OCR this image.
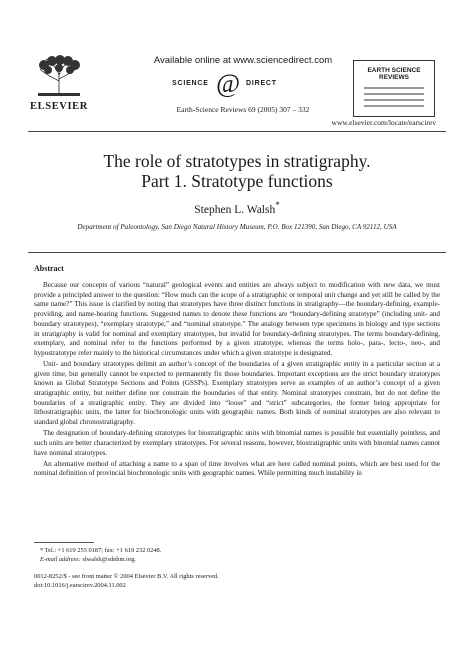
ELSEVIER
Available online at www.sciencedirect.com
SCIENCE @ DIRECT
Earth-Science Reviews 69 (2005) 307 – 332
EARTH SCIENCE
REVIEWS
www.elsevier.com/locate/earscirev
The role of stratotypes in stratigraphy.
Part 1. Stratotype functions
Stephen L. Walsh*
Department of Paleontology, San Diego Natural History Museum, P.O. Box 121390, San Diego, CA 92112, USA
Abstract

Because our concepts of various “natural” geological events and entities are always subject to modification with new data, we must provide a principled answer to the question: “How much can the scope of a stratigraphic or temporal unit change and yet still be called by the same name?” This issue is clarified by noting that stratotypes have three distinct functions in stratigraphy—the boundary-defining, example-providing, and name-bearing functions. Suggested names to denote these functions are “boundary-defining stratotype” (including unit- and boundary stratotypes), “exemplary stratotype,” and “nominal stratotype.” The analogy between type specimens in biology and type sections in stratigraphy is valid for nominal and exemplary stratotypes, but invalid for boundary-defining stratotypes. The terms boundary-defining, exemplary, and nominal refer to the functions performed by a given stratotype, whereas the terms holo-, para-, lecto-, neo-, and hypostratotype refer mainly to the historical circumstances under which a given stratotype is designated.

Unit- and boundary stratotypes delimit an author’s concept of the boundaries of a given stratigraphic entity in a particular section at a given time, but generally cannot be expected to permanently fix those boundaries. Important exceptions are the strict boundary stratotypes known as Global Stratotype Sections and Points (GSSPs). Exemplary stratotypes serve as examples of an author’s concept of a given stratigraphic entity, but neither define nor constrain the boundaries of that entity. Nominal stratotypes constrain, but do not define the boundaries of a stratigraphic entity. They are divided into “loose” and “strict” subcategories, the former being appropriate for lithostratigraphic units, the latter for biochronologic units with geographic names. Both kinds of nominal stratotypes are also relevant to standard global chronostratigraphy.

The designation of boundary-defining stratotypes for biostratigraphic units with binomial names is possible but essentially pointless, and such units are better characterized by exemplary stratotypes. For several reasons, however, biostratigraphic units with binomial names cannot have nominal stratotypes.

An alternative method of attaching a name to a span of time involves what are here called nominal points, which are best used for the nominal definition of provincial biochronologic units with geographic names. While permitting much instability in

* Tel.: +1 619 255 0187; fax: +1 619 232 0248.
E-mail address: slwalsh@sdnhm.org.
0012-8252/$ - see front matter © 2004 Elsevier B.V. All rights reserved.
doi:10.1016/j.earscirev.2004.11.002
